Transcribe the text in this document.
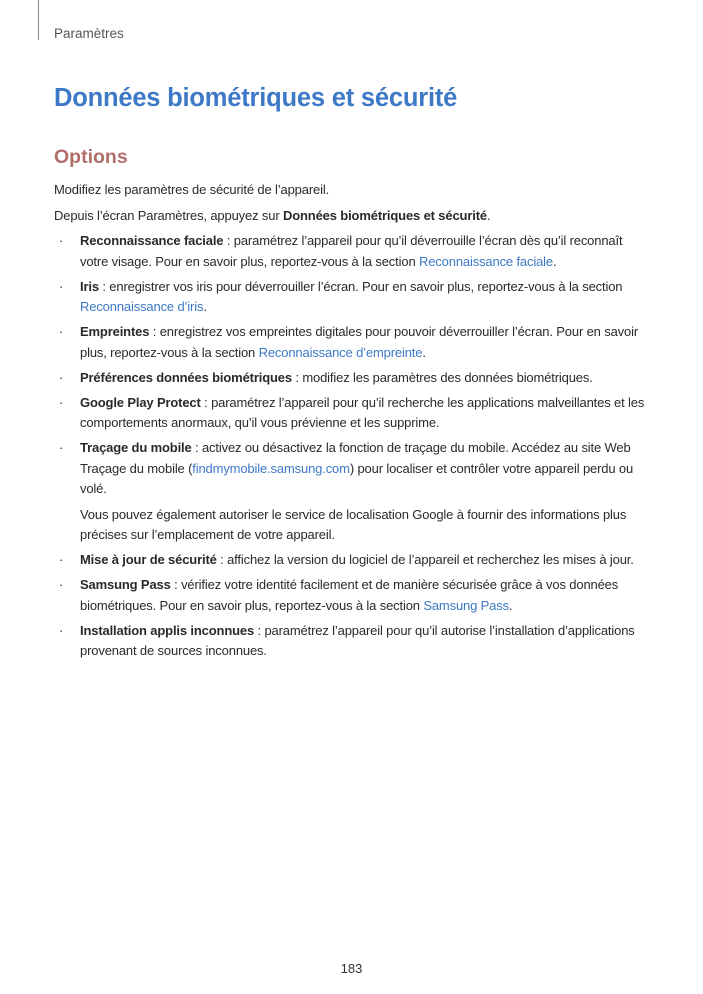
Paramètres
Données biométriques et sécurité
Options

Modifiez les paramètres de sécurité de l’appareil.

Depuis l’écran Paramètres, appuyez sur Données biométriques et sécurité.

· Reconnaissance faciale : paramétrez l’appareil pour qu’il déverrouille l’écran dès qu’il reconnaît votre visage. Pour en savoir plus, reportez-vous à la section Reconnaissance faciale.
· Iris : enregistrer vos iris pour déverrouiller l’écran. Pour en savoir plus, reportez-vous à la section Reconnaissance d’iris.
· Empreintes : enregistrez vos empreintes digitales pour pouvoir déverrouiller l’écran. Pour en savoir plus, reportez-vous à la section Reconnaissance d’empreinte.
· Préférences données biométriques : modifiez les paramètres des données biométriques.
· Google Play Protect : paramétrez l’appareil pour qu’il recherche les applications malveillantes et les comportements anormaux, qu’il vous prévienne et les supprime.
· Traçage du mobile : activez ou désactivez la fonction de traçage du mobile. Accédez au site Web Traçage du mobile (findmymobile.samsung.com) pour localiser et contrôler votre appareil perdu ou volé.
Vous pouvez également autoriser le service de localisation Google à fournir des informations plus précises sur l’emplacement de votre appareil.
· Mise à jour de sécurité : affichez la version du logiciel de l’appareil et recherchez les mises à jour.
· Samsung Pass : vérifiez votre identité facilement et de manière sécurisée grâce à vos données biométriques. Pour en savoir plus, reportez-vous à la section Samsung Pass.
· Installation applis inconnues : paramétrez l’appareil pour qu’il autorise l’installation d’applications provenant de sources inconnues.
183
